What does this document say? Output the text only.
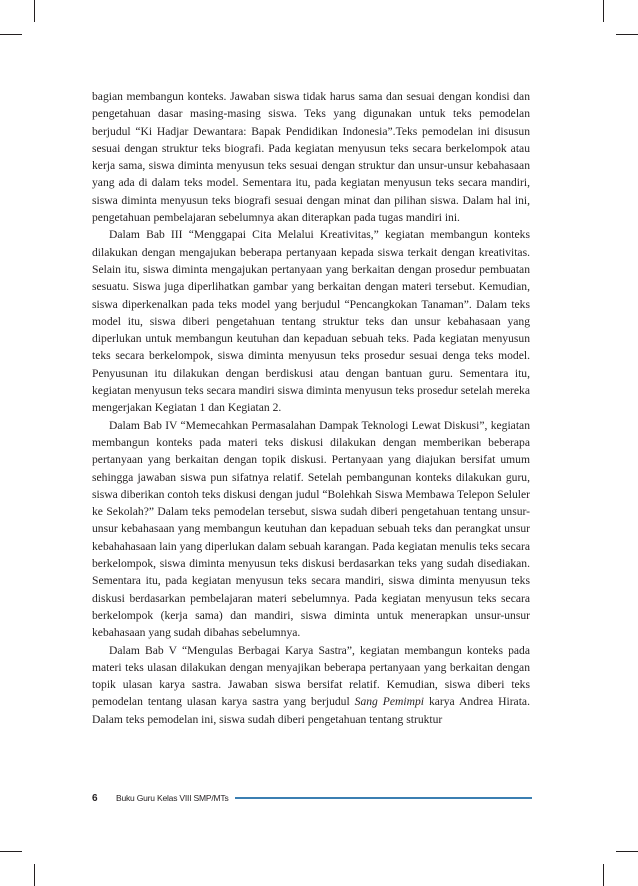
bagian membangun konteks. Jawaban siswa tidak harus sama dan sesuai dengan kondisi dan pengetahuan dasar masing-masing siswa. Teks yang digunakan untuk teks pemodelan berjudul “Ki Hadjar Dewantara: Bapak Pendidikan Indonesia”.Teks pemodelan ini disusun sesuai dengan struktur teks biografi. Pada kegiatan menyusun teks secara berkelompok atau kerja sama, siswa diminta menyusun teks sesuai dengan struktur dan unsur-unsur kebahasaan yang ada di dalam teks model. Sementara itu, pada kegiatan menyusun teks secara mandiri, siswa diminta menyusun teks biografi sesuai dengan minat dan pilihan siswa. Dalam hal ini, pengetahuan pembelajaran sebelumnya akan diterapkan pada tugas mandiri ini.

Dalam Bab III “Menggapai Cita Melalui Kreativitas,” kegiatan membangun konteks dilakukan dengan mengajukan beberapa pertanyaan kepada siswa terkait dengan kreativitas. Selain itu, siswa diminta mengajukan pertanyaan yang berkaitan dengan prosedur pembuatan sesuatu. Siswa juga diperlihatkan gambar yang berkaitan dengan materi tersebut. Kemudian, siswa diperkenalkan pada teks model yang berjudul “Pencangkokan Tanaman”. Dalam teks model itu, siswa diberi pengetahuan tentang struktur teks dan unsur kebahasaan yang diperlukan untuk membangun keutuhan dan kepaduan sebuah teks. Pada kegiatan menyusun teks secara berkelompok, siswa diminta menyusun teks prosedur sesuai denga teks model. Penyusunan itu dilakukan dengan berdiskusi atau dengan bantuan guru. Sementara itu, kegiatan menyusun teks secara mandiri siswa diminta menyusun teks prosedur setelah mereka mengerjakan Kegiatan 1 dan Kegiatan 2.

Dalam Bab IV “Memecahkan Permasalahan Dampak Teknologi Lewat Diskusi”, kegiatan membangun konteks pada materi teks diskusi dilakukan dengan memberikan beberapa pertanyaan yang berkaitan dengan topik diskusi. Pertanyaan yang diajukan bersifat umum sehingga jawaban siswa pun sifatnya relatif. Setelah pembangunan konteks dilakukan guru, siswa diberikan contoh teks diskusi dengan judul “Bolehkah Siswa Membawa Telepon Seluler ke Sekolah?” Dalam teks pemodelan tersebut, siswa sudah diberi pengetahuan tentang unsur-unsur kebahasaan yang membangun keutuhan dan kepaduan sebuah teks dan perangkat unsur kebahahasaan lain yang diperlukan dalam sebuah karangan. Pada kegiatan menulis teks secara berkelompok, siswa diminta menyusun teks diskusi berdasarkan teks yang sudah disediakan. Sementara itu, pada kegiatan menyusun teks secara mandiri, siswa diminta menyusun teks diskusi berdasarkan pembelajaran materi sebelumnya. Pada kegiatan menyusun teks secara berkelompok (kerja sama) dan mandiri, siswa diminta untuk menerapkan unsur-unsur kebahasaan yang sudah dibahas sebelumnya.

Dalam Bab V “Mengulas Berbagai Karya Sastra”, kegiatan membangun konteks pada materi teks ulasan dilakukan dengan menyajikan beberapa pertanyaan yang berkaitan dengan topik ulasan karya sastra. Jawaban siswa bersifat relatif. Kemudian, siswa diberi teks pemodelan tentang ulasan karya sastra yang berjudul Sang Pemimpi karya Andrea Hirata. Dalam teks pemodelan ini, siswa sudah diberi pengetahuan tentang struktur

6	Buku Guru Kelas VIII SMP/MTs
